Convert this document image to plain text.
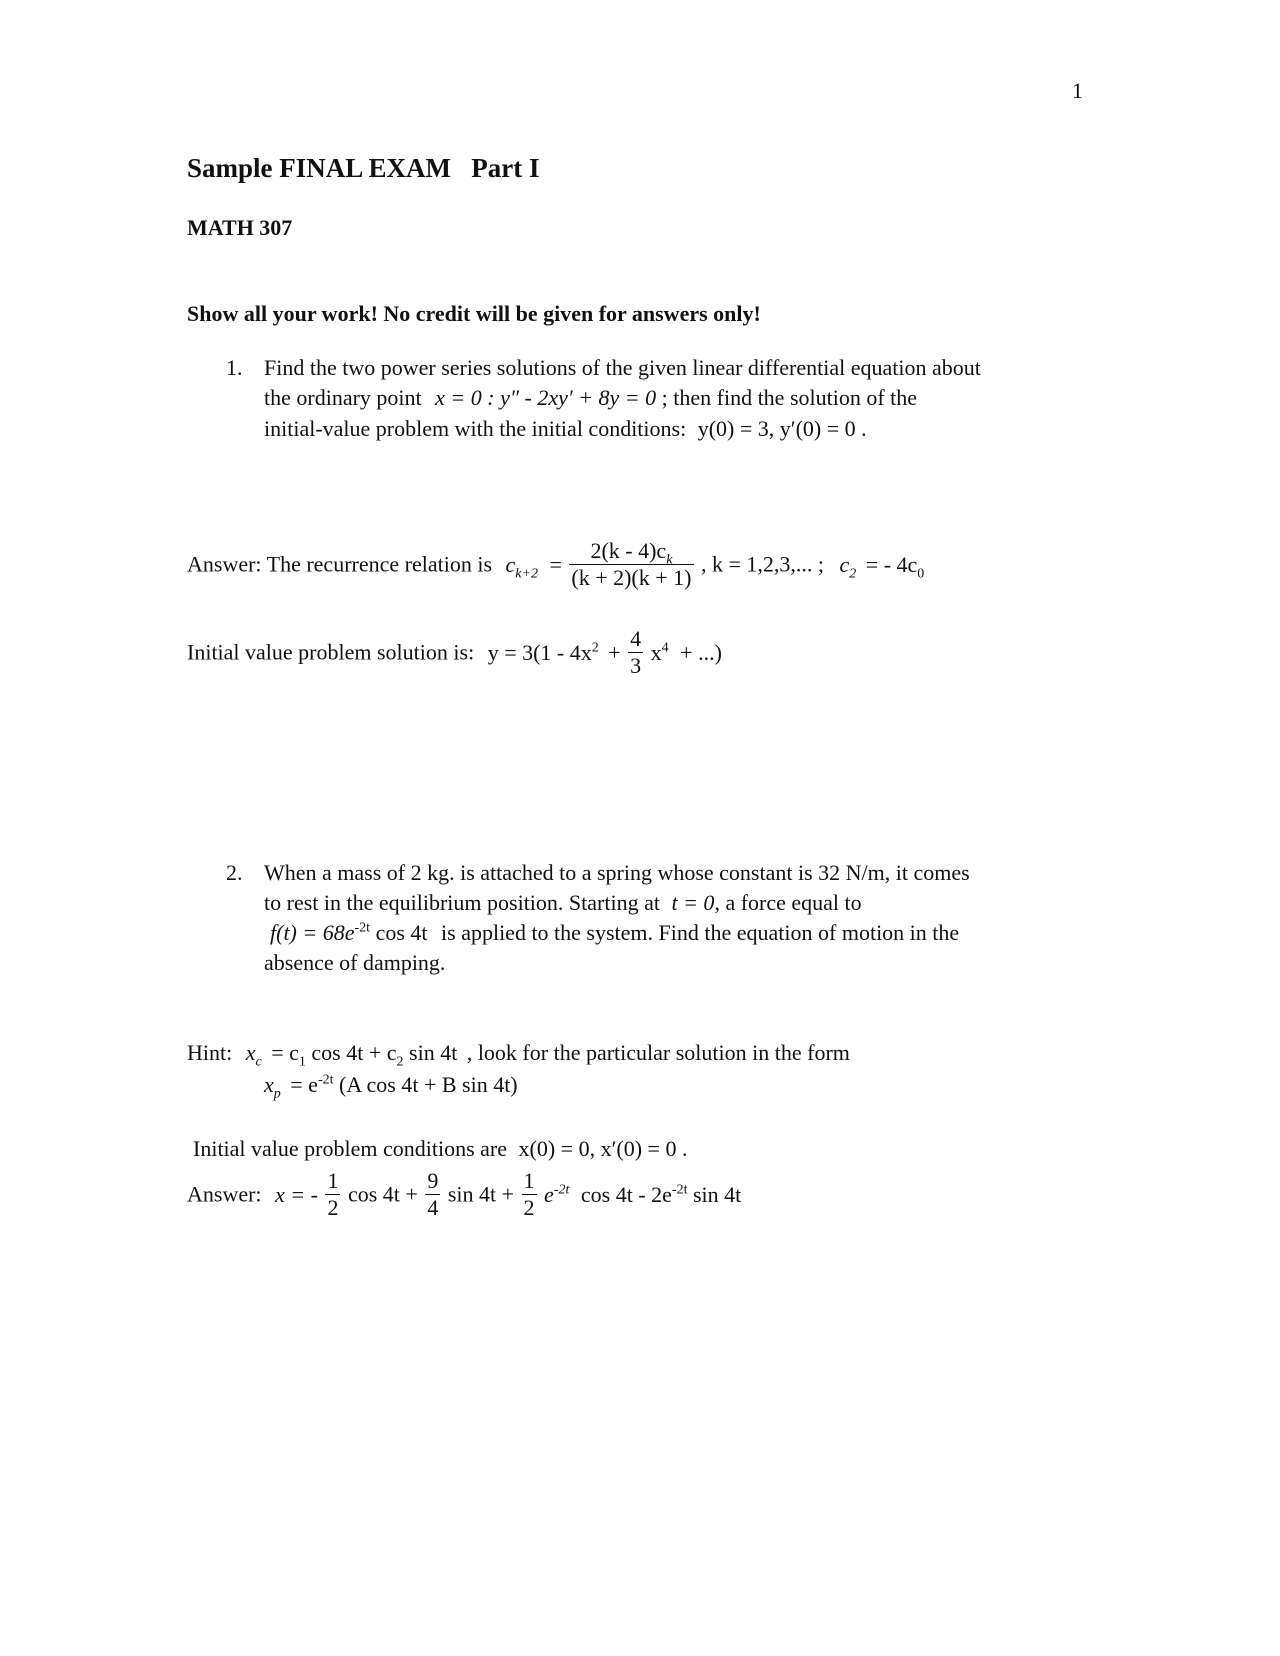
1
Sample FINAL EXAM   Part I
MATH 307
Show all your work! No credit will be given for answers only!
1. Find the two power series solutions of the given linear differential equation about
the ordinary point x = 0 : y″ - 2xy′ + 8y = 0 ; then find the solution of the
initial-value problem with the initial conditions: y(0) = 3, y′(0) = 0 .
Answer: The recurrence relation is $c_{k+2} = \frac{2(k - 4)c_k}{(k + 2)(k + 1)}$ , k = 1,2,3,... ; $c_2$ = - $4c_0$
Initial value problem solution is: $y = 3(1 - 4x^2 + \frac{4}{3} x^4$ + ...)
2. When a mass of 2 kg. is attached to a spring whose constant is 32 N/m, it comes
to rest in the equilibrium position. Starting at t = 0, a force equal to
$f(t) = 68e^{-2t}$ cos 4t is applied to the system. Find the equation of motion in the
absence of damping.
Hint: $x_c = c_1$ $\cos 4t + c_2$ sin 4t , look for the particular solution in the form
$x_p = e^{-2t}$ (A cos 4t + B sin 4t)
Initial value problem conditions are x(0) = 0, x′(0) = 0 .
Answer: x = - $\frac{1}{2}$ $\cos 4t + \frac{9}{4}$ $\sin 4t + \frac{1}{2} e^{-2t}$ $\cos 4t - 2e^{-2t}$ sin 4t
